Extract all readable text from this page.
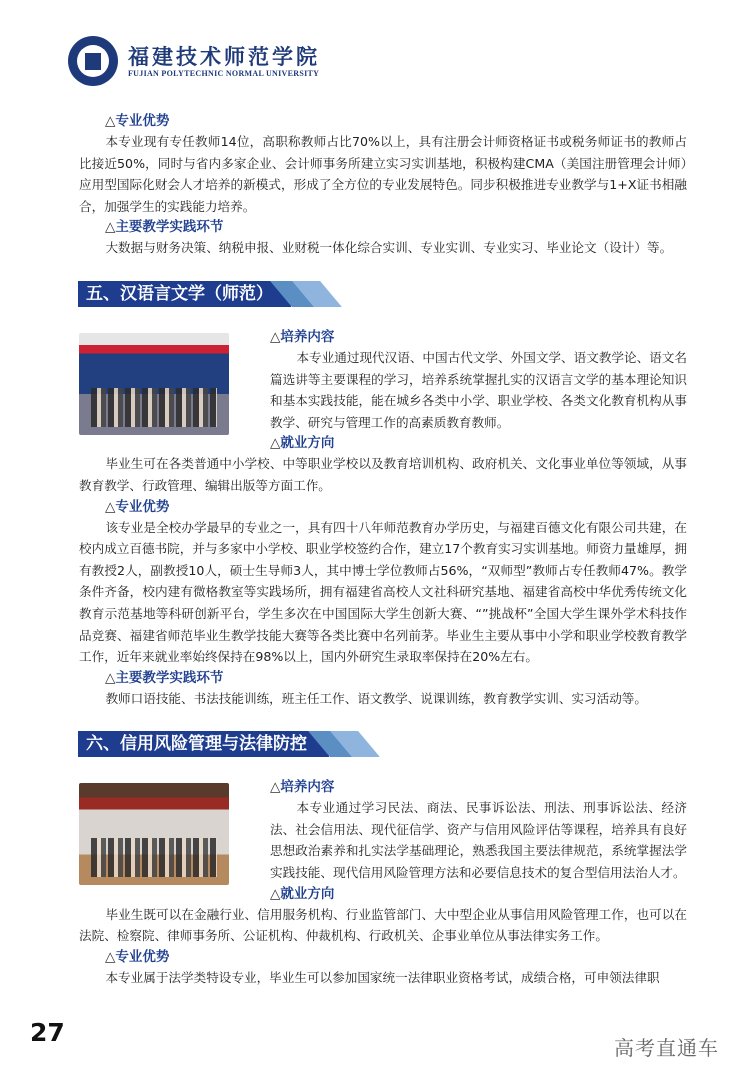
福建技术师范学院
FUJIAN POLYTECHNIC NORMAL UNIVERSITY
△专业优势
本专业现有专任教师14位，高职称教师占比70%以上，具有注册会计师资格证书或税务师证书的教师占比接近50%，同时与省内多家企业、会计师事务所建立实习实训基地，积极构建CMA（美国注册管理会计师）应用型国际化财会人才培养的新模式，形成了全方位的专业发展特色。同步积极推进专业教学与1+X证书相融合，加强学生的实践能力培养。
△主要教学实践环节
大数据与财务决策、纳税申报、业财税一体化综合实训、专业实训、专业实习、毕业论文（设计）等。
五、汉语言文学（师范）
△培养内容
本专业通过现代汉语、中国古代文学、外国文学、语文教学论、语文名篇选讲等主要课程的学习，培养系统掌握扎实的汉语言文学的基本理论知识和基本实践技能，能在城乡各类中小学、职业学校、各类文化教育机构从事教学、研究与管理工作的高素质教育教师。
△就业方向
毕业生可在各类普通中小学校、中等职业学校以及教育培训机构、政府机关、文化事业单位等领域，从事教育教学、行政管理、编辑出版等方面工作。
△专业优势
该专业是全校办学最早的专业之一，具有四十八年师范教育办学历史，与福建百德文化有限公司共建，在校内成立百德书院，并与多家中小学校、职业学校签约合作，建立17个教育实习实训基地。师资力量雄厚，拥有教授2人，副教授10人，硕士生导师3人，其中博士学位教师占56%，“双师型”教师占专任教师47%。教学条件齐备，校内建有微格教室等实践场所，拥有福建省高校人文社科研究基地、福建省高校中华优秀传统文化教育示范基地等科研创新平台，学生多次在中国国际大学生创新大赛、“”挑战杯”全国大学生课外学术科技作品竞赛、福建省师范毕业生教学技能大赛等各类比赛中名列前茅。毕业生主要从事中小学和职业学校教育教学工作，近年来就业率始终保持在98%以上，国内外研究生录取率保持在20%左右。
△主要教学实践环节
教师口语技能、书法技能训练，班主任工作、语文教学、说课训练，教育教学实训、实习活动等。
六、信用风险管理与法律防控
△培养内容
本专业通过学习民法、商法、民事诉讼法、刑法、刑事诉讼法、经济法、社会信用法、现代征信学、资产与信用风险评估等课程，培养具有良好思想政治素养和扎实法学基础理论，熟悉我国主要法律规范，系统掌握法学实践技能、现代信用风险管理方法和必要信息技术的复合型信用法治人才。
△就业方向
毕业生既可以在金融行业、信用服务机构、行业监管部门、大中型企业从事信用风险管理工作，也可以在法院、检察院、律师事务所、公证机构、仲裁机构、行政机关、企事业单位从事法律实务工作。
△专业优势
本专业属于法学类特设专业，毕业生可以参加国家统一法律职业资格考试，成绩合格，可申领法律职
27
高考直通车
